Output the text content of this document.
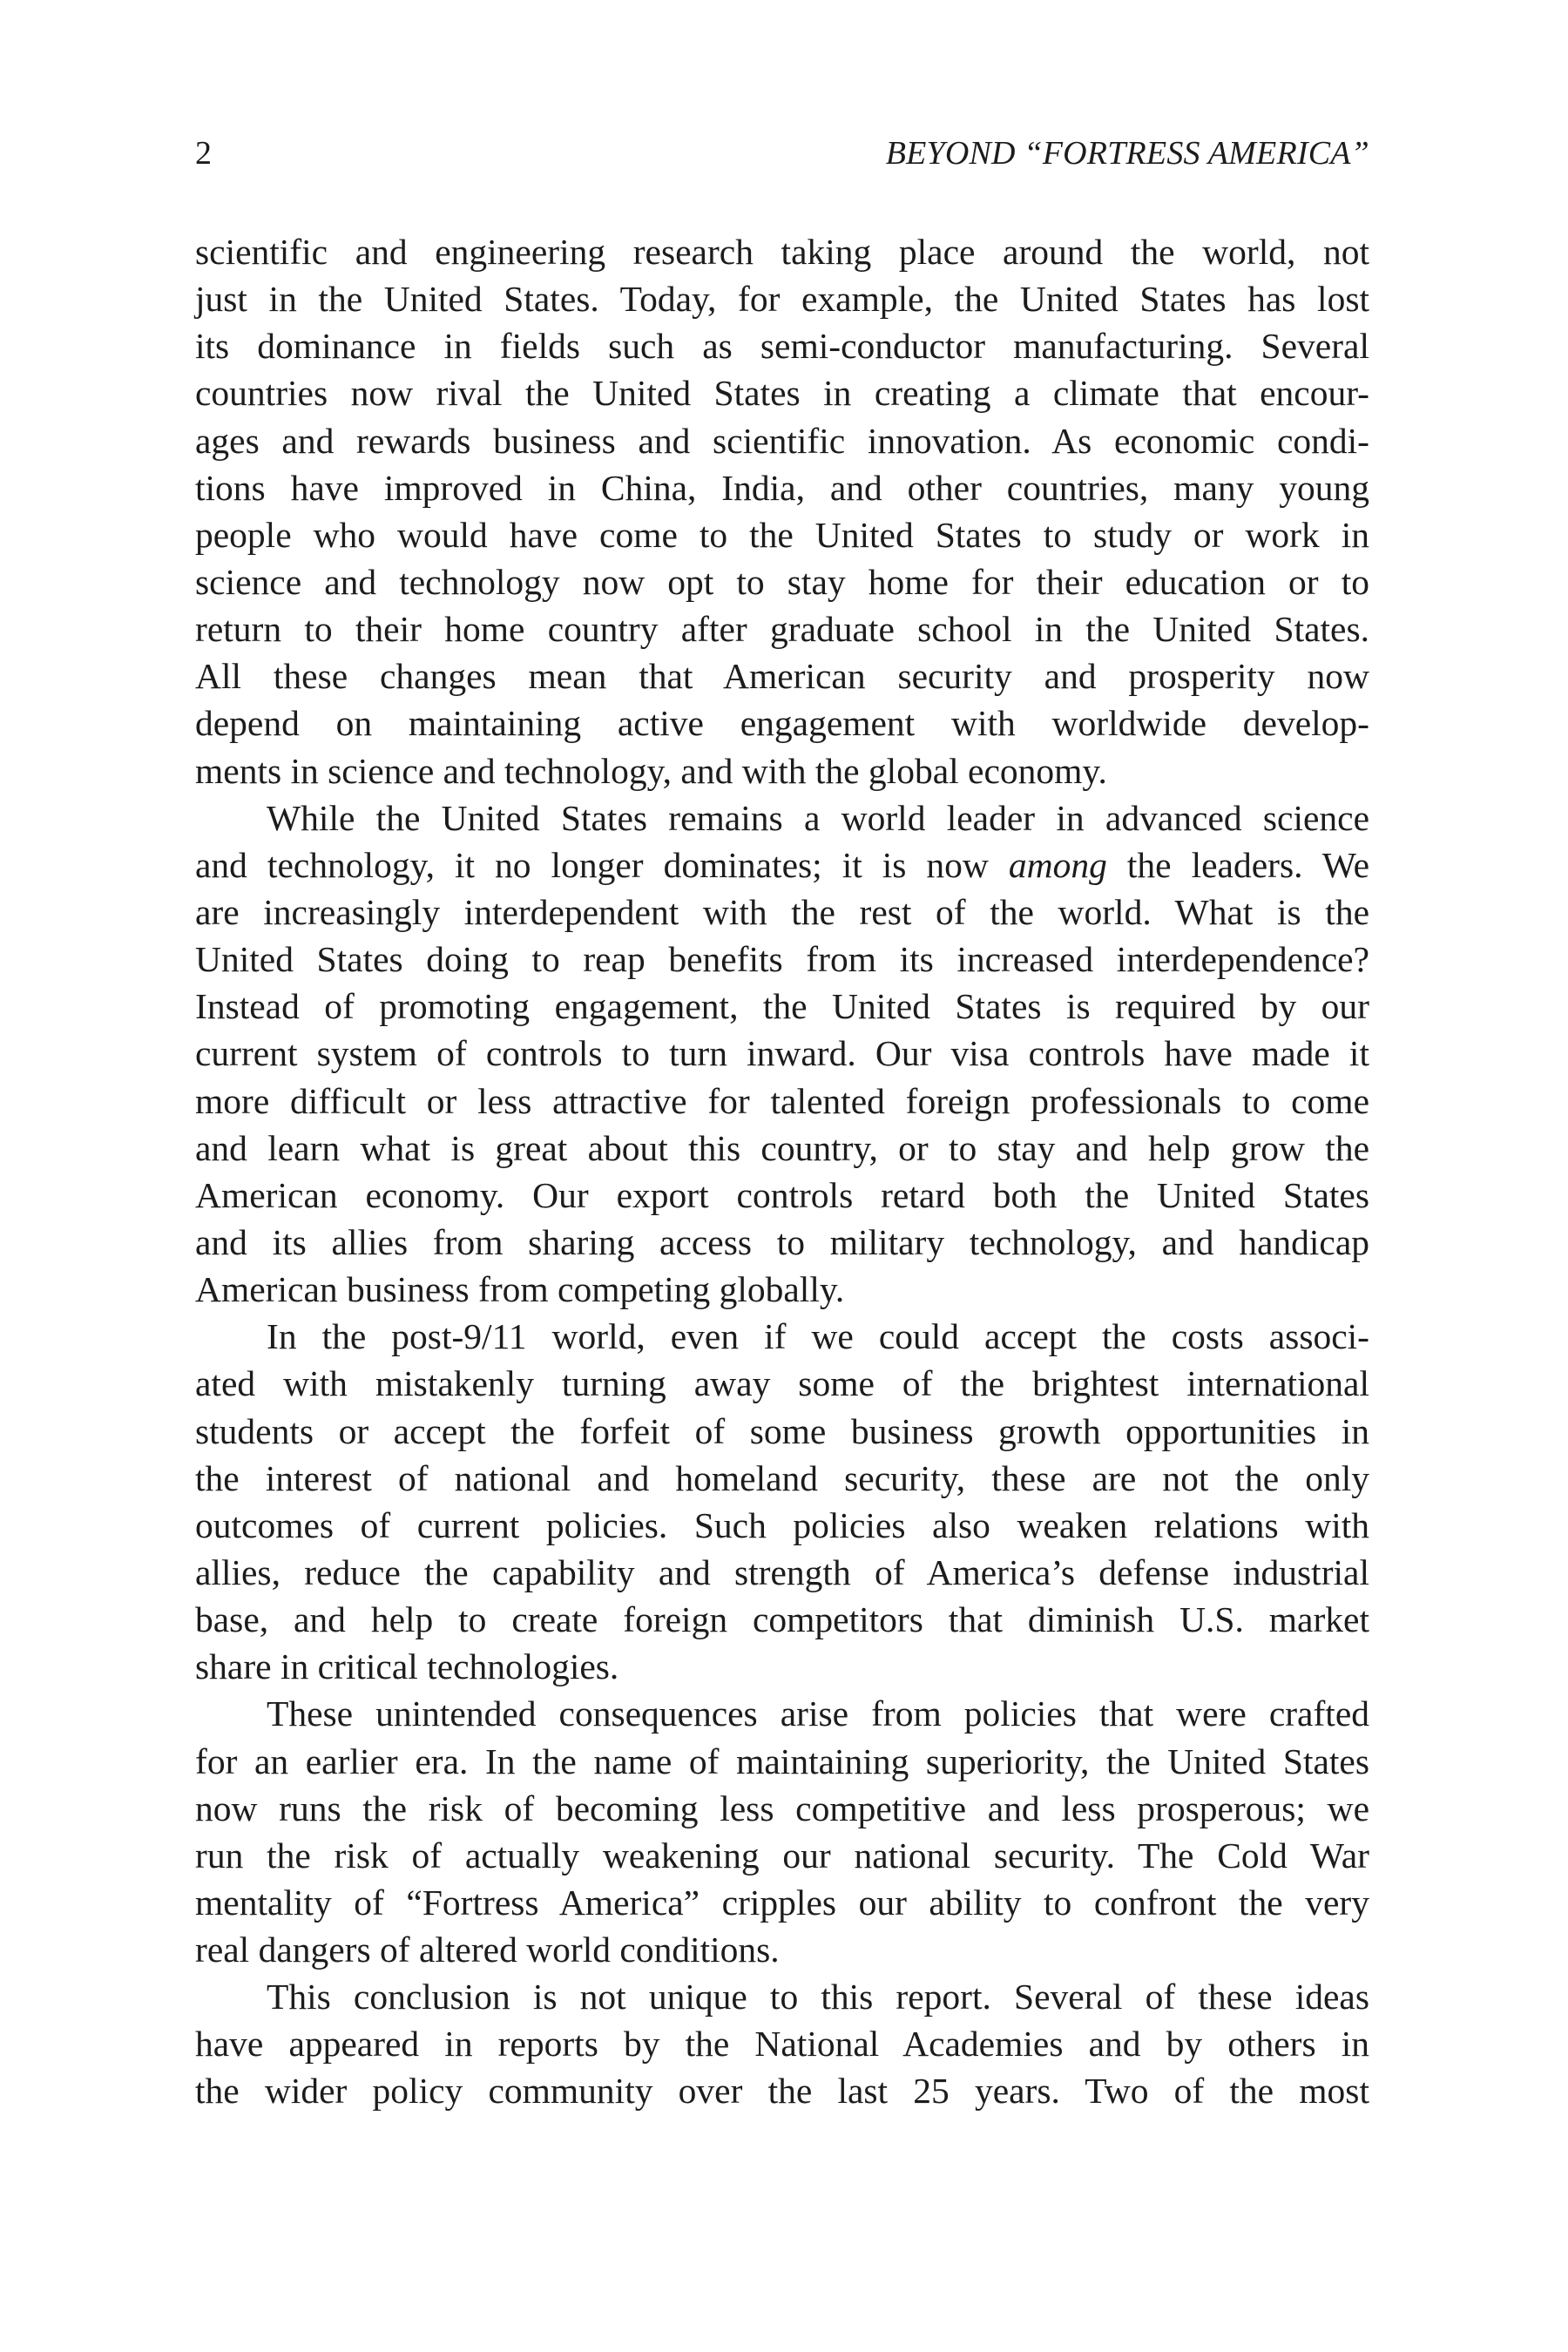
2	BEYOND “FORTRESS AMERICA”
scientific and engineering research taking place around the world, not
just in the United States. Today, for example, the United States has lost
its dominance in fields such as semi-conductor manufacturing. Several
countries now rival the United States in creating a climate that encour-
ages and rewards business and scientific innovation. As economic condi-
tions have improved in China, India, and other countries, many young
people who would have come to the United States to study or work in
science and technology now opt to stay home for their education or to
return to their home country after graduate school in the United States.
All these changes mean that American security and prosperity now
depend on maintaining active engagement with worldwide develop-
ments in science and technology, and with the global economy.
While the United States remains a world leader in advanced science
and technology, it no longer dominates; it is now among the leaders. We
are increasingly interdependent with the rest of the world. What is the
United States doing to reap benefits from its increased interdependence?
Instead of promoting engagement, the United States is required by our
current system of controls to turn inward. Our visa controls have made it
more difficult or less attractive for talented foreign professionals to come
and learn what is great about this country, or to stay and help grow the
American economy. Our export controls retard both the United States
and its allies from sharing access to military technology, and handicap
American business from competing globally.
In the post-9/11 world, even if we could accept the costs associ-
ated with mistakenly turning away some of the brightest international
students or accept the forfeit of some business growth opportunities in
the interest of national and homeland security, these are not the only
outcomes of current policies. Such policies also weaken relations with
allies, reduce the capability and strength of America’s defense industrial
base, and help to create foreign competitors that diminish U.S. market
share in critical technologies.
These unintended consequences arise from policies that were crafted
for an earlier era. In the name of maintaining superiority, the United States
now runs the risk of becoming less competitive and less prosperous; we
run the risk of actually weakening our national security. The Cold War
mentality of “Fortress America” cripples our ability to confront the very
real dangers of altered world conditions.
This conclusion is not unique to this report. Several of these ideas
have appeared in reports by the National Academies and by others in
the wider policy community over the last 25 years. Two of the most
